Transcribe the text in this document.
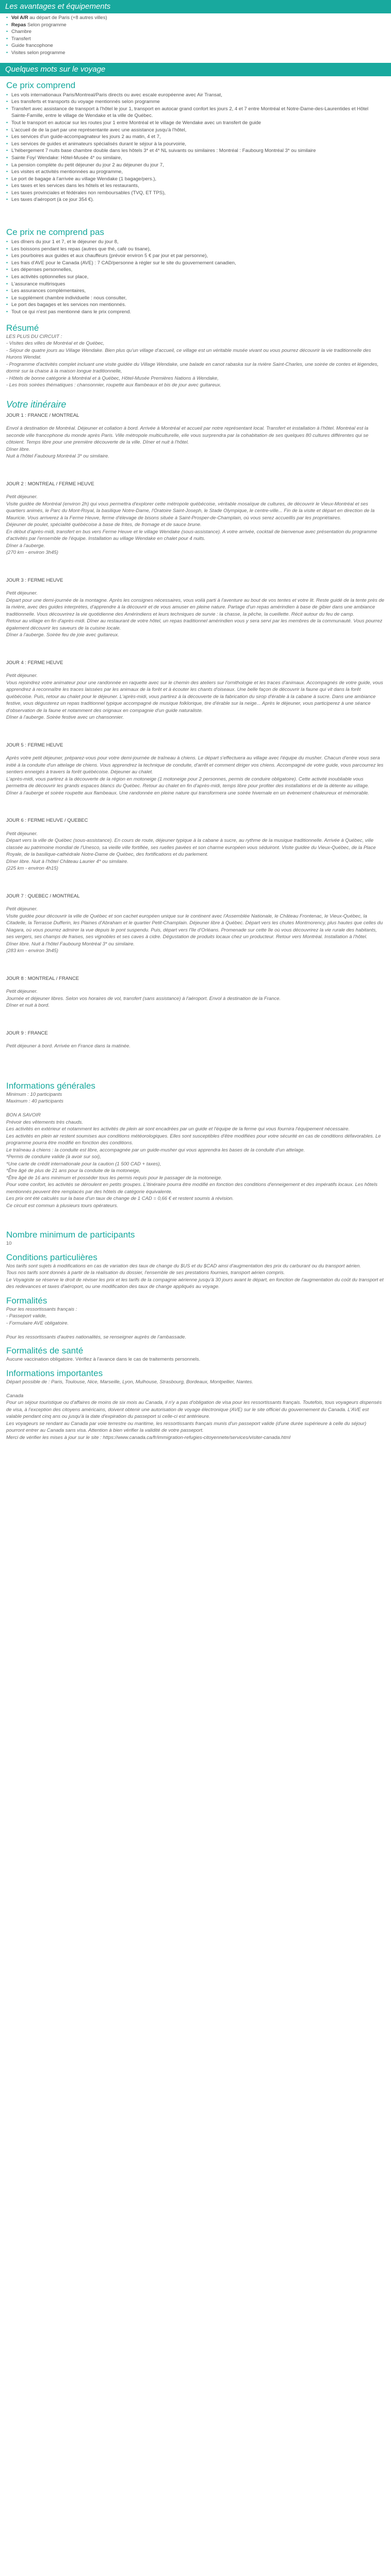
Les avantages et équipements
• Vol A/R au départ de Paris (+8 autres villes)
• Repas Selon programme
• Chambre
• Transfert
• Guide francophone
• Visites selon programme
Quelques mots sur le voyage
Ce prix comprend
• Les vols internationaux Paris/Montreal/Paris directs ou avec escale européenne avec Air Transat,
• Les transferts et transports du voyage mentionnés selon programme
• Transfert avec assistance de transport à l'hôtel le jour 1, transport en autocar grand confort les jours 2, 4 et 7 entre Montréal et Notre-Dame-des-Laurentides et Hôtel Sainte-Famille, entre le village de Wendake et la ville de Québec.
• Tout le transport en autocar sur les routes jour 1 entre Montréal et le village de Wendake avec un transfert de guide
• L'accueil de de la part par une représentante avec une assistance jusqu'à l'hôtel,
• Les services d'un guide-accompagnateur les jours 2 au matin, 4 et 7,
• Les services de guides et animateurs spécialisés durant le séjour à la pourvoirie,
• L'hébergement 7 nuits base chambre double dans les hôtels 3* et 4* NL suivants ou similaires : Montréal : Faubourg Montréal 3* ou similaire
• Sainte Foy/ Wendake: Hôtel-Musée 4* ou similaire,
• La pension complète du petit déjeuner du jour 2 au déjeuner du jour 7,
• Les visites et activités mentionnées au programme,
• Le port de bagage à l'arrivée au village Wendake (1 bagage/pers.),
• Les taxes et les services dans les hôtels et les restaurants,
• Les taxes provinciales et fédérales non remboursables (TVQ, ET TPS),
• Les taxes d'aéroport (à ce jour 354 €).
Ce prix ne comprend pas
• Les dîners du jour 1 et 7, et le déjeuner du jour 8,
• Les boissons pendant les repas (autres que thé, café ou tisane),
• Les pourboires aux guides et aux chauffeurs (prévoir environ 5 € par jour et par personne),
• Les frais d'AVE pour le Canada (AVE) : 7 CAD/personne à régler sur le site du gouvernement canadien,
• Les dépenses personnelles,
• Les activités optionnelles sur place,
• L'assurance multirisques
• Les assurances complémentaires,
• Le supplément chambre individuelle : nous consulter,
• Le port des bagages et les services non mentionnés.
• Tout ce qui n'est pas mentionné dans le prix comprend.
Résumé
LES PLUS DU CIRCUIT :
- Visites des villes de Montréal et de Québec,
- Séjour de quatre jours au Village Wendake. Bien plus qu'un village d'accueil, ce village est un véritable musée vivant ou vous pourrez découvrir la vie traditionnelle des Hurons Wendat.
- Programme d'activités complet incluant une visite guidée du Village Wendake, une balade en canot rabaska sur la rivière Saint-Charles, une soirée de contes et légendes, dormir sur la chaise à la maison longue traditionnelle,
- Hôtels de bonne catégorie à Montréal et à Québec, Hôtel-Musée Premières Nations à Wendake,
- Les trois soirées thématiques : chansonnier, roupette aux flambeaux et bis de jour avec guitareux.
Votre itinéraire
JOUR 1 : FRANCE / MONTREAL
Envol à destination de Montréal. Déjeuner et collation à bord. Arrivée à Montréal et accueil par notre représentant local. Transfert et installation à l'hôtel. Montréal est la seconde ville francophone du monde après Paris. Ville métropole multiculturelle, elle vous surprendra par la cohabitation de ses quelques 80 cultures différentes qui se côtoient. Temps libre pour une première découverte de la ville. Dîner et nuit à l'hôtel.
Dîner libre.
Nuit à l'hôtel Faubourg Montréal 3* ou similaire.
JOUR 2 : MONTREAL / FERME HEUVE
Petit déjeuner.
Visite guidée de Montréal (environ 2h) qui vous permettra d'explorer cette métropole québécoise, véritable mosaïque de cultures, de découvrir le Vieux-Montréal et ses quartiers animés, le Parc du Mont-Royal, la basilique Notre-Dame, l'Oratoire Saint-Joseph, le Stade Olympique, le centre-ville... Fin de la visite et départ en direction de la Mauricie. Vous arriverez à la Ferme Heuve, ferme d'élevage de bisons située à Saint-Prosper-de-Champlain, où vous serez accueillis par les propriétaires.
Déjeuner de poulet, spécialité québécoise à base de frites, de fromage et de sauce brune.
En début d'après-midi, transfert en bus vers Ferme Heuve et le village Wendake (sous-assistance). A votre arrivée, cocktail de bienvenue avec présentation du programme d'activités par l'ensemble de l'équipe. Installation au village Wendake en chalet pour 4 nuits.
Dîner à l'auberge.
(270 km - environ 3h45)
JOUR 3 : FERME HEUVE
Petit déjeuner.
Départ pour une demi-journée de la montagne. Après les consignes nécessaires, vous voilà parti à l'aventure au bout de vos tentes et votre lit. Reste guidé de la tente près de la rivière, avec des guides interprètes, d'apprendre à la découvrir et de vous amuser en pleine nature. Partage d'un repas amérindien à base de gibier dans une ambiance traditionnelle. Vous découvrirez la vie quotidienne des Amérindiens et leurs techniques de survie : la chasse, la pêche, la cueillette. Récit autour du feu de camp.
Retour au village en fin d'après-midi. Dîner au restaurant de votre hôtel, un repas traditionnel amérindien vous y sera servi par les membres de la communauté. Vous pourrez également découvrir les saveurs de la cuisine locale.
Dîner à l'auberge. Soirée feu de joie avec guitareux.
JOUR 4 : FERME HEUVE
Petit déjeuner.
Vous rejoindrez votre animateur pour une randonnée en raquette avec sur le chemin des ateliers sur l'ornithologie et les traces d'animaux. Accompagnés de votre guide, vous apprendrez à reconnaître les traces laissées par les animaux de la forêt et à écouter les chants d'oiseaux. Une belle façon de découvrir la faune qui vit dans la forêt québécoise. Puis, retour au chalet pour le déjeuner. L'après-midi, vous partirez à la découverte de la fabrication du sirop d'érable à la cabane à sucre. Dans une ambiance festive, vous dégusterez un repas traditionnel typique accompagné de musique folklorique, tire d'érable sur la neige... Après le déjeuner, vous participerez à une séance d'observation de la faune et notamment des orignaux en compagnie d'un guide naturaliste.
Dîner à l'auberge. Soirée festive avec un chansonnier.
JOUR 5 : FERME HEUVE
Après votre petit déjeuner, préparez-vous pour votre demi-journée de traîneau à chiens. Le départ s'effectuera au village avec l'équipe du musher. Chacun d'entre vous sera initié à la conduite d'un attelage de chiens. Vous apprendrez la technique de conduite, d'arrêt et comment diriger vos chiens. Accompagné de votre guide, vous parcourrez les sentiers enneigés à travers la forêt québécoise. Déjeuner au chalet.
L'après-midi, vous partirez à la découverte de la région en motoneige (1 motoneige pour 2 personnes, permis de conduire obligatoire). Cette activité inoubliable vous permettra de découvrir les grands espaces blancs du Québec. Retour au chalet en fin d'après-midi, temps libre pour profiter des installations et de la détente au village.
Dîner à l'auberge et soirée roupette aux flambeaux. Une randonnée en pleine nature qui transformera une soirée hivernale en un évènement chaleureux et mémorable.
JOUR 6 : FERME HEUVE / QUEBEC
Petit déjeuner.
Départ vers la ville de Québec (sous-assistance). En cours de route, déjeuner typique à la cabane à sucre, au rythme de la musique traditionnelle. Arrivée à Québec, ville classée au patrimoine mondial de l'Unesco, sa vieille ville fortifiée, ses ruelles pavées et son charme européen vous séduiront. Visite guidée du Vieux-Québec, de la Place Royale, de la basilique-cathédrale Notre-Dame de Québec, des fortifications et du parlement.
Dîner libre. Nuit à l'hôtel Château Laurier 4* ou similaire.
(225 km - environ 4h15)
JOUR 7 : QUEBEC / MONTREAL
Petit déjeuner.
Visite guidée pour découvrir la ville de Québec et son cachet européen unique sur le continent avec l'Assemblée Nationale, le Château Frontenac, le Vieux-Québec, la Citadelle, la Terrasse Dufferin, les Plaines d'Abraham et le quartier Petit-Champlain. Déjeuner libre à Québec. Départ vers les chutes Montmorency, plus hautes que celles du Niagara, où vous pourrez admirer la vue depuis le pont suspendu. Puis, départ vers l'île d'Orléans. Promenade sur cette île où vous découvrirez la vie rurale des habitants, ses vergers, ses champs de fraises, ses vignobles et ses caves à cidre. Dégustation de produits locaux chez un producteur. Retour vers Montréal. Installation à l'hôtel.
Dîner libre. Nuit à l'hôtel Faubourg Montréal 3* ou similaire.
(283 km - environ 3h45)
JOUR 8 : MONTREAL / FRANCE
Petit déjeuner.
Journée et déjeuner libres. Selon vos horaires de vol, transfert (sans assistance) à l'aéroport. Envol à destination de la France.
Dîner et nuit à bord.
JOUR 9 : FRANCE
Petit déjeuner à bord. Arrivée en France dans la matinée.
Informations générales
Minimum : 10 participants
Maximum : 40 participants
BON A SAVOIR
Prévoir des vêtements très chauds.
Les activités en extérieur et notamment les activités de plein air sont encadrées par un guide et l'équipe de la ferme qui vous fournira l'équipement nécessaire.
Les activités en plein air restent soumises aux conditions météorologiques. Elles sont susceptibles d'être modifiées pour votre sécurité en cas de conditions défavorables. Le programme pourra être modifié en fonction des conditions.
Le traîneau à chiens : la conduite est libre, accompagnée par un guide-musher qui vous apprendra les bases de la conduite d'un attelage.
*Permis de conduire valide (à avoir sur soi),
*Une carte de crédit internationale pour la caution (1 500 CAD + taxes),
*Être âgé de plus de 21 ans pour la conduite de la motoneige,
*Être âgé de 16 ans minimum et posséder tous les permis requis pour le passager de la motoneige.
Pour votre confort, les activités se déroulent en petits groupes. L'itinéraire pourra être modifié en fonction des conditions d'enneigement et des impératifs locaux. Les hôtels mentionnés peuvent être remplacés par des hôtels de catégorie équivalente.
Les prix ont été calculés sur la base d'un taux de change de 1 CAD = 0,66 € et restent soumis à révision.
Ce circuit est commun à plusieurs tours opérateurs.
Nombre minimum de participants
10
Conditions particulières
Nos tarifs sont sujets à modifications en cas de variation des taux de change du $US et du $CAD ainsi d'augmentation des prix du carburant ou du transport aérien.
Tous nos tarifs sont donnés à partir de la réalisation du dossier, l'ensemble de ses prestations fournies, transport aérien compris.
Le Voyagiste se réserve le droit de réviser les prix et les tarifs de la compagnie aérienne jusqu'à 30 jours avant le départ, en fonction de l'augmentation du coût du transport et des redevances et taxes d'aéroport, ou une modification des taux de change appliqués au voyage.
Formalités
Pour les ressortissants français :
- Passeport valide,
- Formulaire AVE obligatoire.
Pour les ressortissants d'autres nationalités, se renseigner auprès de l'ambassade.
Formalités de santé
Aucune vaccination obligatoire. Vérifiez à l'avance dans le cas de traitements personnels.
Informations importantes
Départ possible de : Paris, Toulouse, Nice, Marseille, Lyon, Mulhouse, Strasbourg, Bordeaux, Montpellier, Nantes.
Canada
Pour un séjour touristique ou d'affaires de moins de six mois au Canada, il n'y a pas d'obligation de visa pour les ressortissants français. Toutefois, tous voyageurs dispensés de visa, à l'exception des citoyens américains, doivent obtenir une autorisation de voyage électronique (AVE) sur le site officiel du gouvernement du Canada. L'AVE est valable pendant cinq ans ou jusqu'à la date d'expiration du passeport si celle-ci est antérieure.
Les voyageurs se rendant au Canada par voie terrestre ou maritime, les ressortissants français munis d'un passeport valide (d'une durée supérieure à celle du séjour) pourront entrer au Canada sans visa. Attention à bien vérifier la validité de votre passeport.
Merci de vérifier les mises à jour sur le site : https://www.canada.ca/fr/immigration-refugies-citoyennete/services/visiter-canada.html
